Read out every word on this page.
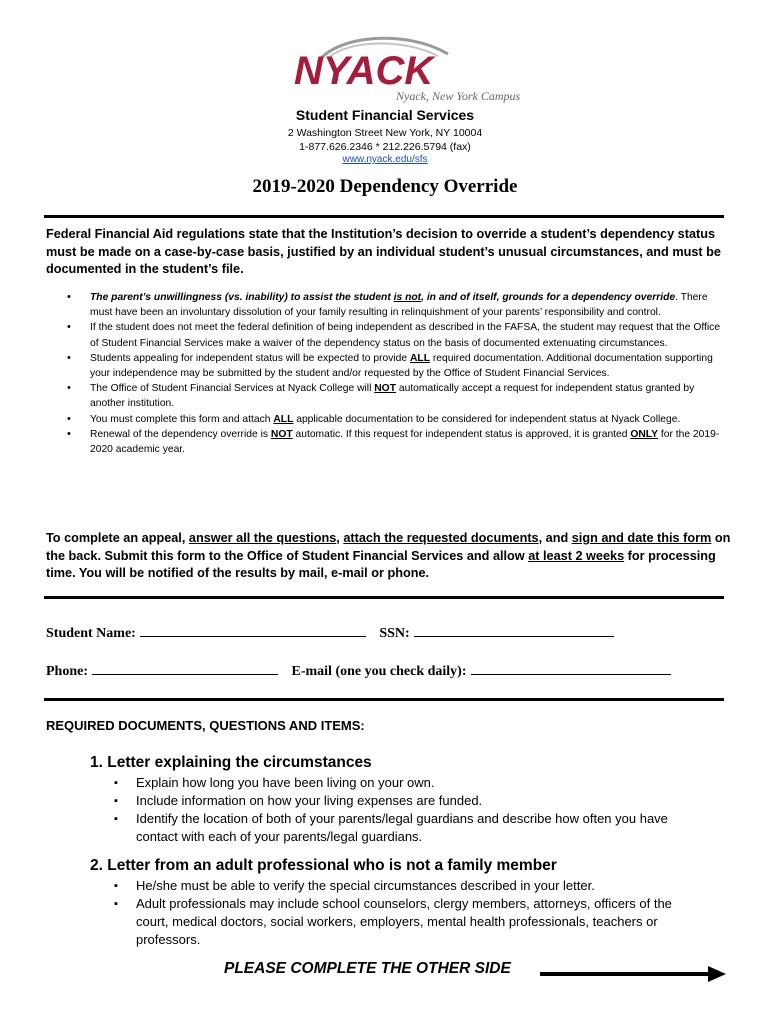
NYACK
Nyack, New York Campus
Student Financial Services
2 Washington Street New York, NY 10004
1-877.626.2346 * 212.226.5794 (fax)
www.nyack.edu/sfs
2019-2020 Dependency Override
Federal Financial Aid regulations state that the Institution’s decision to override a student’s dependency status must be made on a case-by-case basis, justified by an individual student’s unusual circumstances, and must be documented in the student’s file.
• The parent’s unwillingness (vs. inability) to assist the student is not, in and of itself, grounds for a dependency override. There must have been an involuntary dissolution of your family resulting in relinquishment of your parents’ responsibility and control.
• If the student does not meet the federal definition of being independent as described in the FAFSA, the student may request that the Office of Student Financial Services make a waiver of the dependency status on the basis of documented extenuating circumstances.
• Students appealing for independent status will be expected to provide ALL required documentation. Additional documentation supporting your independence may be submitted by the student and/or requested by the Office of Student Financial Services.
• The Office of Student Financial Services at Nyack College will NOT automatically accept a request for independent status granted by another institution.
• You must complete this form and attach ALL applicable documentation to be considered for independent status at Nyack College.
• Renewal of the dependency override is NOT automatic. If this request for independent status is approved, it is granted ONLY for the 2019-2020 academic year.
To complete an appeal, answer all the questions, attach the requested documents, and sign and date this form on the back. Submit this form to the Office of Student Financial Services and allow at least 2 weeks for processing time. You will be notified of the results by mail, e-mail or phone.
Student Name:	SSN:
Phone:	E-mail (one you check daily):
REQUIRED DOCUMENTS, QUESTIONS AND ITEMS:
1. Letter explaining the circumstances
▪ Explain how long you have been living on your own.
▪ Include information on how your living expenses are funded.
▪ Identify the location of both of your parents/legal guardians and describe how often you have contact with each of your parents/legal guardians.
2. Letter from an adult professional who is not a family member
▪ He/she must be able to verify the special circumstances described in your letter.
▪ Adult professionals may include school counselors, clergy members, attorneys, officers of the court, medical doctors, social workers, employers, mental health professionals, teachers or professors.
PLEASE COMPLETE THE OTHER SIDE
